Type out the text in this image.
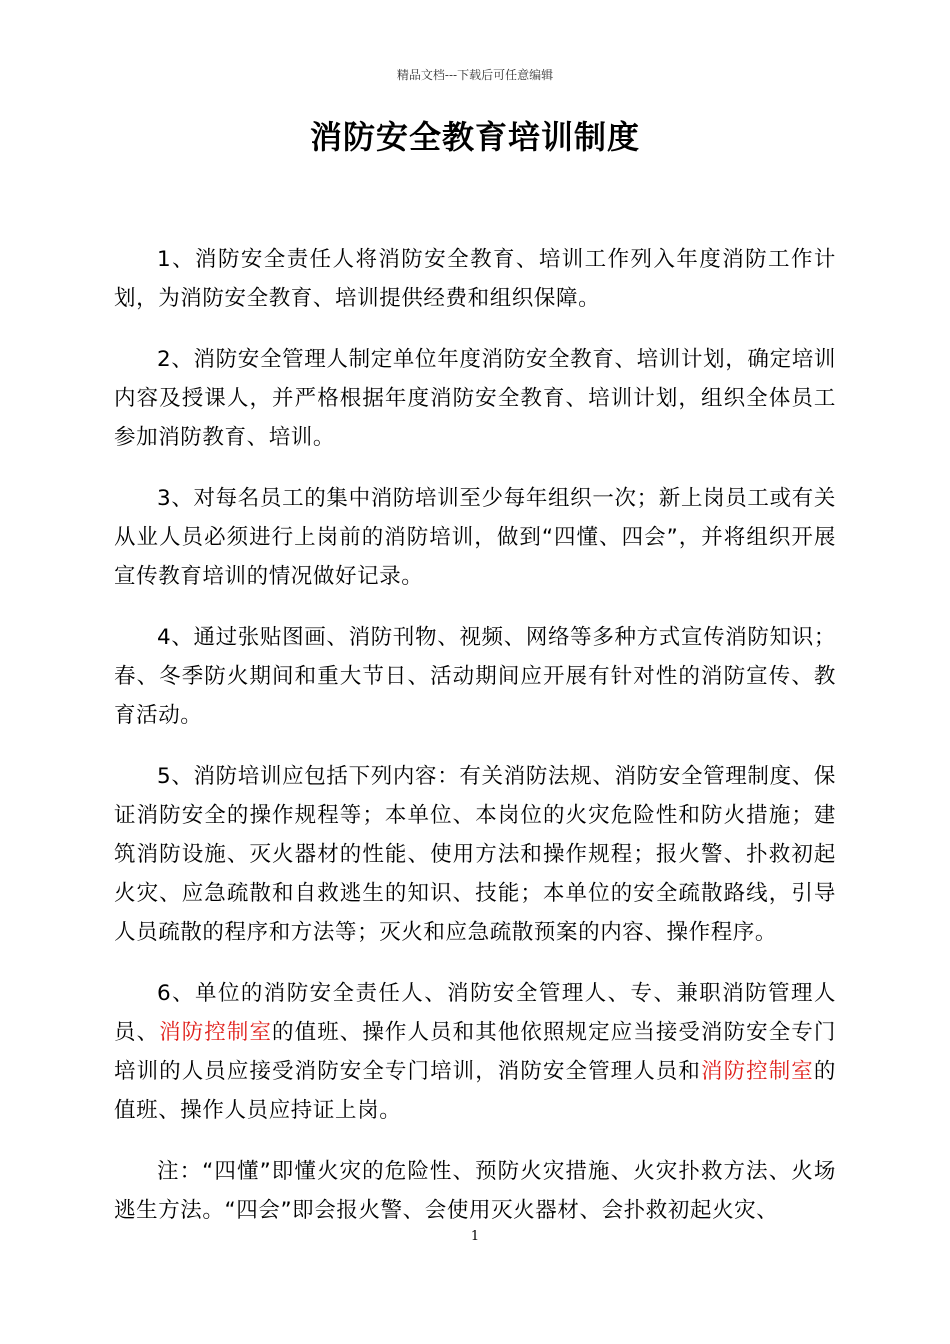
精品文档---下载后可任意编辑
消防安全教育培训制度

1、消防安全责任人将消防安全教育、培训工作列入年度消防工作计划，为消防安全教育、培训提供经费和组织保障。

2、消防安全管理人制定单位年度消防安全教育、培训计划，确定培训内容及授课人，并严格根据年度消防安全教育、培训计划，组织全体员工参加消防教育、培训。

3、对每名员工的集中消防培训至少每年组织一次；新上岗员工或有关从业人员必须进行上岗前的消防培训，做到“四懂、四会”，并将组织开展宣传教育培训的情况做好记录。

4、通过张贴图画、消防刊物、视频、网络等多种方式宣传消防知识；春、冬季防火期间和重大节日、活动期间应开展有针对性的消防宣传、教育活动。

5、消防培训应包括下列内容：有关消防法规、消防安全管理制度、保证消防安全的操作规程等；本单位、本岗位的火灾危险性和防火措施；建筑消防设施、灭火器材的性能、使用方法和操作规程；报火警、扑救初起火灾、应急疏散和自救逃生的知识、技能；本单位的安全疏散路线，引导人员疏散的程序和方法等；灭火和应急疏散预案的内容、操作程序。

6、单位的消防安全责任人、消防安全管理人、专、兼职消防管理人员、消防控制室的值班、操作人员和其他依照规定应当接受消防安全专门培训的人员应接受消防安全专门培训，消防安全管理人员和消防控制室的值班、操作人员应持证上岗。

注：“四懂”即懂火灾的危险性、预防火灾措施、火灾扑救方法、火场逃生方法。“四会”即会报火警、会使用灭火器材、会扑救初起火灾、

1
